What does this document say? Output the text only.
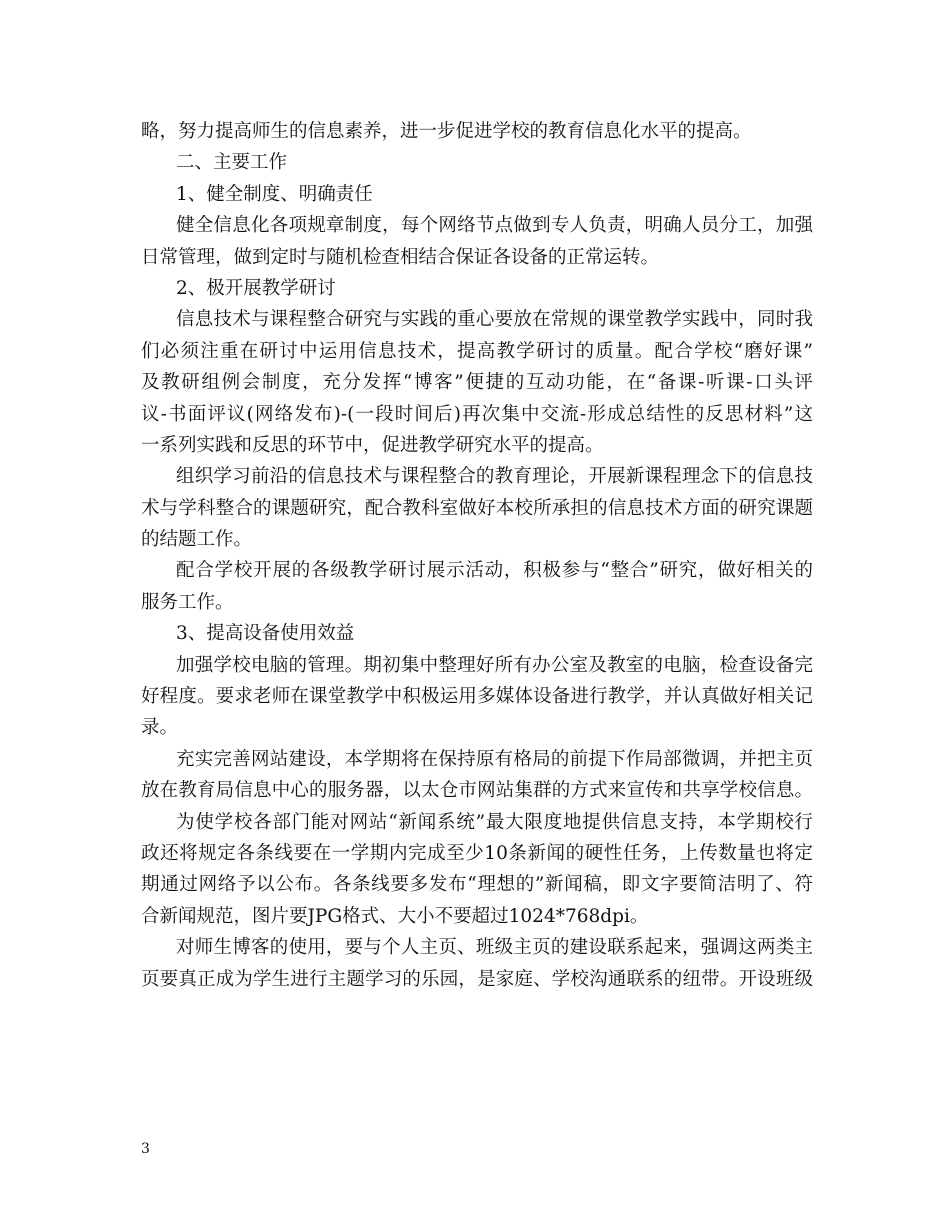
略，努力提高师生的信息素养，进一步促进学校的教育信息化水平的提高。
二、主要工作
1、健全制度、明确责任
健全信息化各项规章制度，每个网络节点做到专人负责，明确人员分工，加强
日常管理，做到定时与随机检查相结合保证各设备的正常运转。
2、极开展教学研讨
信息技术与课程整合研究与实践的重心要放在常规的课堂教学实践中，同时我
们必须注重在研讨中运用信息技术，提高教学研讨的质量。配合学校“磨好课”
及教研组例会制度，充分发挥“博客”便捷的互动功能，在“备课-听课-口头评
议-书面评议(网络发布)-(一段时间后)再次集中交流-形成总结性的反思材料”这
一系列实践和反思的环节中，促进教学研究水平的提高。
组织学习前沿的信息技术与课程整合的教育理论，开展新课程理念下的信息技
术与学科整合的课题研究，配合教科室做好本校所承担的信息技术方面的研究课题
的结题工作。
配合学校开展的各级教学研讨展示活动，积极参与“整合”研究，做好相关的
服务工作。
3、提高设备使用效益
加强学校电脑的管理。期初集中整理好所有办公室及教室的电脑，检查设备完
好程度。要求老师在课堂教学中积极运用多媒体设备进行教学，并认真做好相关记
录。
充实完善网站建设，本学期将在保持原有格局的前提下作局部微调，并把主页
放在教育局信息中心的服务器，以太仓市网站集群的方式来宣传和共享学校信息。
为使学校各部门能对网站“新闻系统”最大限度地提供信息支持，本学期校行
政还将规定各条线要在一学期内完成至少10条新闻的硬性任务，上传数量也将定
期通过网络予以公布。各条线要多发布“理想的”新闻稿，即文字要简洁明了、符
合新闻规范，图片要JPG格式、大小不要超过1024*768dpi。
对师生博客的使用，要与个人主页、班级主页的建设联系起来，强调这两类主
页要真正成为学生进行主题学习的乐园，是家庭、学校沟通联系的纽带。开设班级
3
